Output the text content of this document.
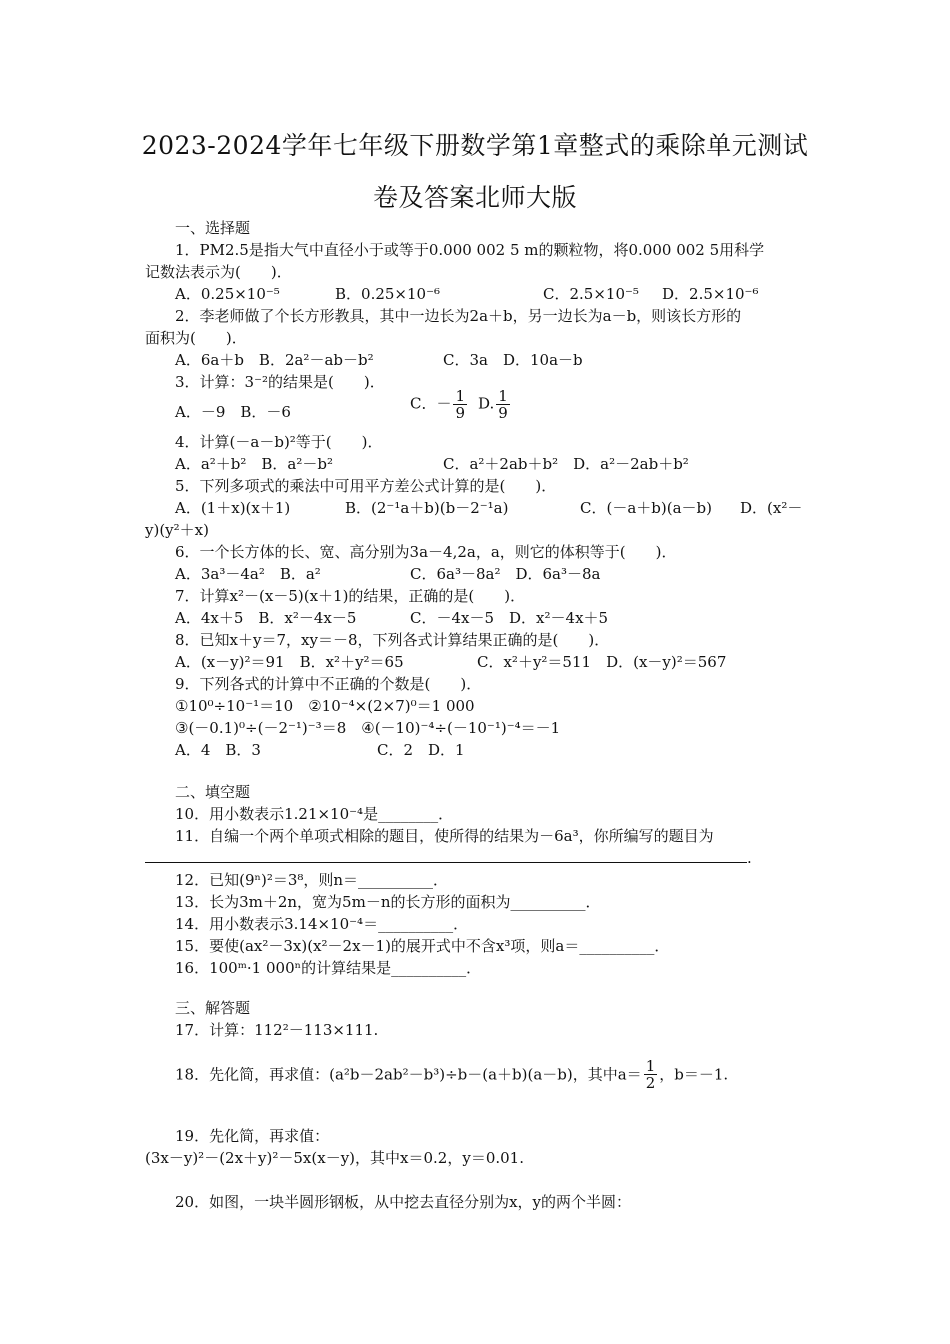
2023-2024学年七年级下册数学第1章整式的乘除单元测试
卷及答案北师大版
一、选择题
1．PM2.5是指大气中直径小于或等于0.000 002 5 m的颗粒物，将0.000 002 5用科学
记数法表示为(　　)．
A．0.25×10⁻⁵	B．0.25×10⁻⁶	C．2.5×10⁻⁵ D．2.5×10⁻⁶
2．李老师做了个长方形教具，其中一边长为2a＋b，另一边长为a－b，则该长方形的
面积为(　　)．
A．6a＋b　B．2a²－ab－b²	C．3a　D．10a－b
3．计算：3⁻²的结果是(　　)．
A．－9　B．－6	C．－ $\frac{1}{9} D$. $\frac{1}{9}$
4．计算(－a－b)²等于(　　)．
A．a²＋b²　B．a²－b²	C．a²＋2ab＋b²　D．a²－2ab＋b²
5．下列多项式的乘法中可用平方差公式计算的是(　　)．
A．(1＋x)(x＋1)	B．(2⁻¹a＋b)(b－2⁻¹a)	C．(－a＋b)(a－b) D．(x²－
y)(y²＋x)
6．一个长方体的长、宽、高分别为3a－4,2a，a，则它的体积等于(　　)．
A．3a³－4a²　B．a²	C．6a³－8a²　D．6a³－8a
7．计算x²－(x－5)(x＋1)的结果，正确的是(　　)．
A．4x＋5　B．x²－4x－5	C．－4x－5　D．x²－4x＋5
8．已知x＋y＝7，xy＝－8，下列各式计算结果正确的是(　　)．
A．(x－y)²＝91　B．x²＋y²＝65	C．x²＋y²＝511　D．(x－y)²＝567
9．下列各式的计算中不正确的个数是(　　)．
①10⁰÷10⁻¹＝10　②10⁻⁴×(2×7)⁰＝1 000
③(－0.1)⁰÷(－2⁻¹)⁻³＝8　④(－10)⁻⁴÷(－10⁻¹)⁻⁴＝－1
A．4　B．3	C．2　D．1
二、填空题
10．用小数表示1.21×10⁻⁴是________．
11．自编一个两个单项式相除的题目，使所得的结果为－6a³，你所编写的题目为
.
12．已知(9ⁿ)²＝3⁸，则n＝__________．
13．长为3m＋2n，宽为5m－n的长方形的面积为__________．
14．用小数表示3.14×10⁻⁴＝__________．
15．要使(ax²－3x)(x²－2x－1)的展开式中不含x³项，则a＝__________．
16．100ᵐ·1 000ⁿ的计算结果是__________．
三、解答题
17．计算：112²－113×111.
18．先化简，再求值：(a²b－2ab²－b³)÷b－(a＋b)(a－b)，其中$a= \frac{1}{2}$ ，b＝－1.
19．先化简，再求值：
(3x－y)²－(2x＋y)²－5x(x－y)，其中x＝0.2，y＝0.01.
20．如图，一块半圆形钢板，从中挖去直径分别为x，y的两个半圆：
